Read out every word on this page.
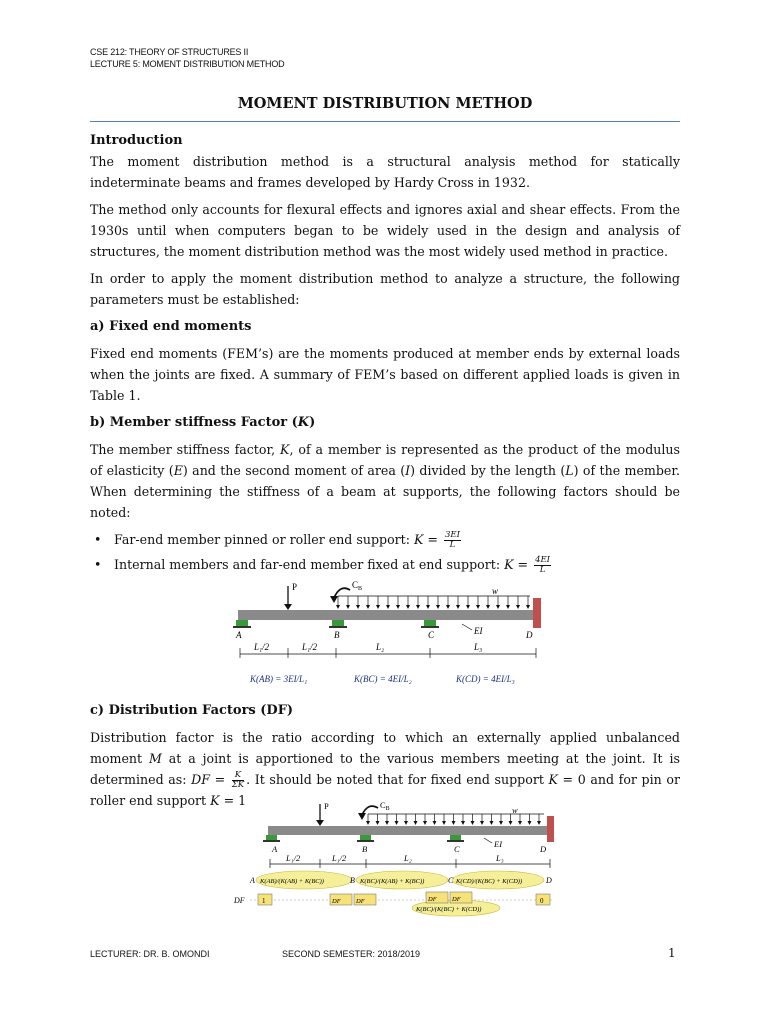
CSE 212: THEORY OF STRUCTURES II
LECTURE 5: MOMENT DISTRIBUTION METHOD
MOMENT DISTRIBUTION METHOD
Introduction
The moment distribution method is a structural analysis method for statically indeterminate beams and frames developed by Hardy Cross in 1932.
The method only accounts for flexural effects and ignores axial and shear effects. From the 1930s until when computers began to be widely used in the design and analysis of structures, the moment distribution method was the most widely used method in practice.
In order to apply the moment distribution method to analyze a structure, the following parameters must be established:
a) Fixed end moments
Fixed end moments (FEM’s) are the moments produced at member ends by external loads when the joints are fixed. A summary of FEM’s based on different applied loads is given in Table 1.
b) Member stiffness Factor (K)
The member stiffness factor, K, of a member is represented as the product of the modulus of elasticity (E) and the second moment of area (I) divided by the length (L) of the member. When determining the stiffness of a beam at supports, the following factors should be noted:
• Far-end member pinned or roller end support: $K = \frac{3EI}{L}$
• Internal members and far-end member fixed at end support: $K = \frac{4EI}{L}$
P	$C_B$	w
EI
A	B	C	D
L₁/2	L₁/2	L₂	L₃
K(AB) = 3EI/L₁	K(BC) = 4EI/L₂	K(CD) = 4EI/L₃
c) Distribution Factors (DF)
Distribution factor is the ratio according to which an externally applied unbalanced moment M at a joint is apportioned to the various members meeting at the joint. It is determined as: DF = $\frac{K}{\Sigma K}$ . It should be noted that for fixed end support K = 0 and for pin or roller end support K = 1	P	$C_B$	w
EI
A	B	C	D
L₁/2	L₁/2	L₂	L₃
K(AB)/(K(AB) + K(BC))	K(BC)/(K(AB) + K(BC))	K(CD)/(K(BC) + K(CD))
K(BC)/(K(BC) + K(CD))
A	B	C	D
DF 1	DF DF	DF DF	0
LECTURER: DR. B. OMONDI	SECOND SEMESTER: 2018/2019	1
